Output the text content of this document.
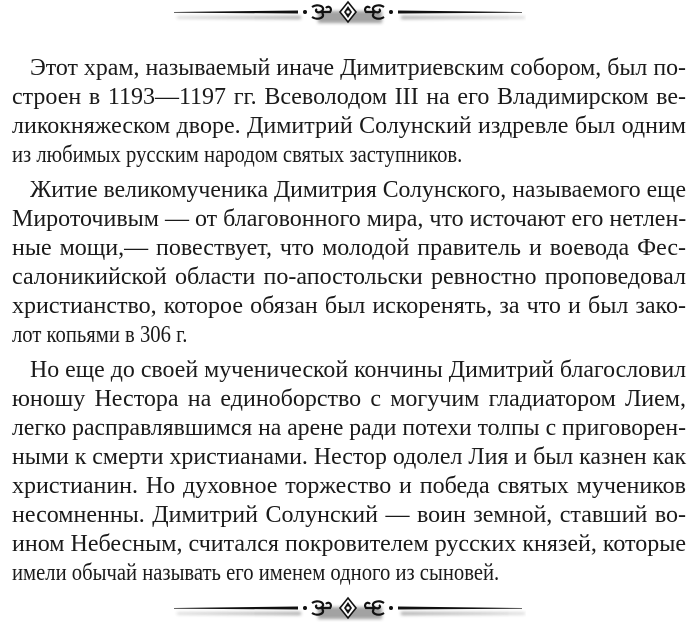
Этот храм, называемый иначе Димитриевским собором, был по-
строен в 1193—1197 гг. Всеволодом III на его Владимирском ве-
ликокняжеском дворе. Димитрий Солунский издревле был одним
из любимых русским народом святых заступников.

Житие великомученика Димитрия Солунского, называемого еще
Мироточивым — от благовонного мира, что источают его нетлен-
ные мощи,— повествует, что молодой правитель и воевода Фес-
салоникийской области по-апостольски ревностно проповедовал
христианство, которое обязан был искоренять, за что и был зако-
лот копьями в 306 г.

Но еще до своей мученической кончины Димитрий благословил
юношу Нестора на единоборство с могучим гладиатором Лием,
легко расправлявшимся на арене ради потехи толпы с приговорен-
ными к смерти христианами. Нестор одолел Лия и был казнен как
христианин. Но духовное торжество и победа святых мучеников
несомненны. Димитрий Солунский — воин земной, ставший во-
ином Небесным, считался покровителем русских князей, которые
имели обычай называть его именем одного из сыновей.
